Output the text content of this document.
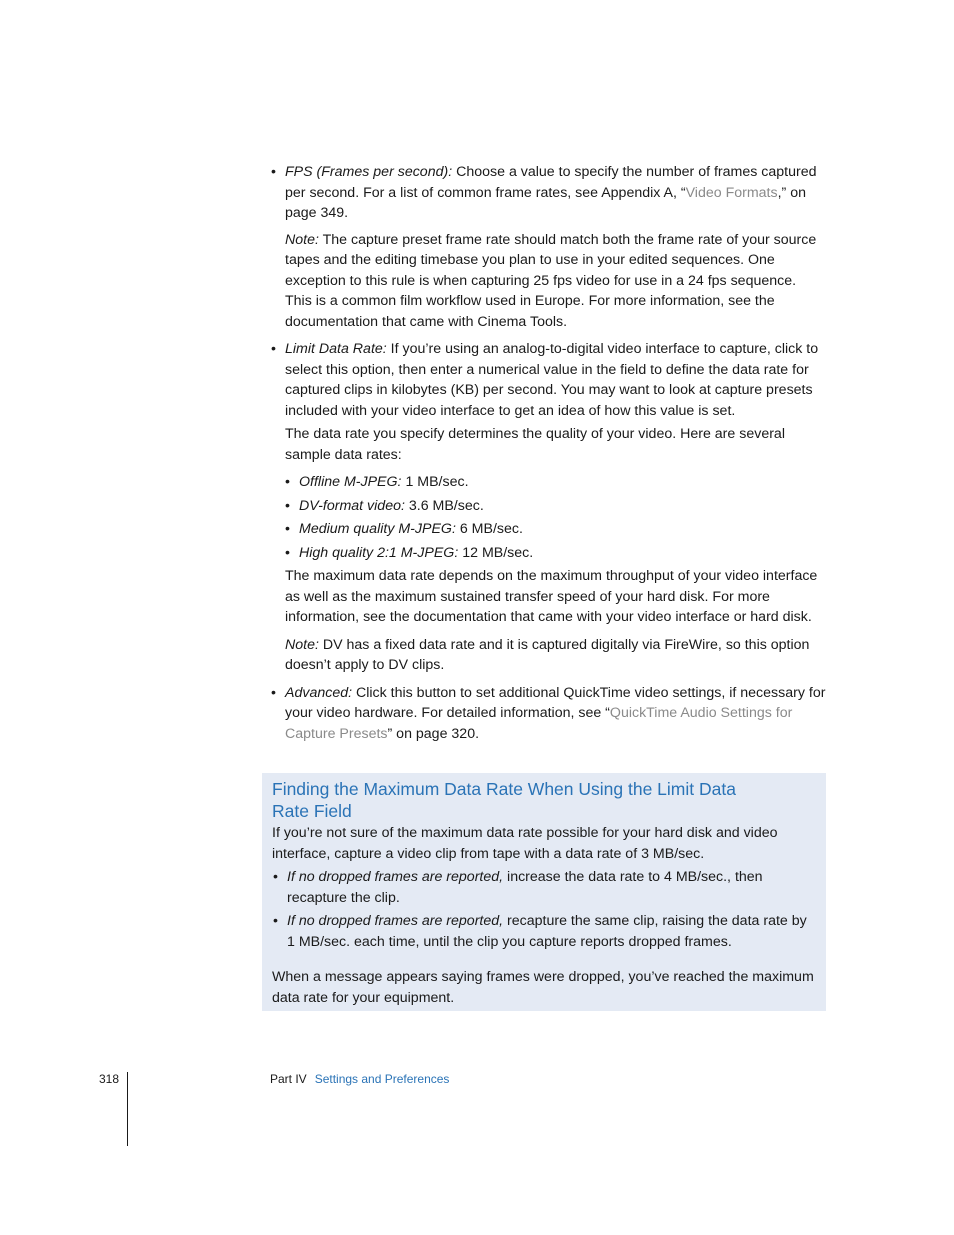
• FPS (Frames per second): Choose a value to specify the number of frames captured per second. For a list of common frame rates, see Appendix A, “Video Formats,” on page 349.
Note: The capture preset frame rate should match both the frame rate of your source tapes and the editing timebase you plan to use in your edited sequences. One exception to this rule is when capturing 25 fps video for use in a 24 fps sequence. This is a common film workflow used in Europe. For more information, see the documentation that came with Cinema Tools.
• Limit Data Rate: If you’re using an analog-to-digital video interface to capture, click to select this option, then enter a numerical value in the field to define the data rate for captured clips in kilobytes (KB) per second. You may want to look at capture presets included with your video interface to get an idea of how this value is set.
The data rate you specify determines the quality of your video. Here are several sample data rates:
• Offline M-JPEG: 1 MB/sec.
• DV-format video: 3.6 MB/sec.
• Medium quality M-JPEG: 6 MB/sec.
• High quality 2:1 M-JPEG: 12 MB/sec.
The maximum data rate depends on the maximum throughput of your video interface as well as the maximum sustained transfer speed of your hard disk. For more information, see the documentation that came with your video interface or hard disk.
Note: DV has a fixed data rate and it is captured digitally via FireWire, so this option doesn’t apply to DV clips.
• Advanced: Click this button to set additional QuickTime video settings, if necessary for your video hardware. For detailed information, see “QuickTime Audio Settings for Capture Presets” on page 320.
Finding the Maximum Data Rate When Using the Limit Data Rate Field

If you’re not sure of the maximum data rate possible for your hard disk and video interface, capture a video clip from tape with a data rate of 3 MB/sec.

• If no dropped frames are reported, increase the data rate to 4 MB/sec., then recapture the clip.
• If no dropped frames are reported, recapture the same clip, raising the data rate by 1 MB/sec. each time, until the clip you capture reports dropped frames.

When a message appears saying frames were dropped, you’ve reached the maximum data rate for your equipment.

318	Part IV Settings and Preferences
